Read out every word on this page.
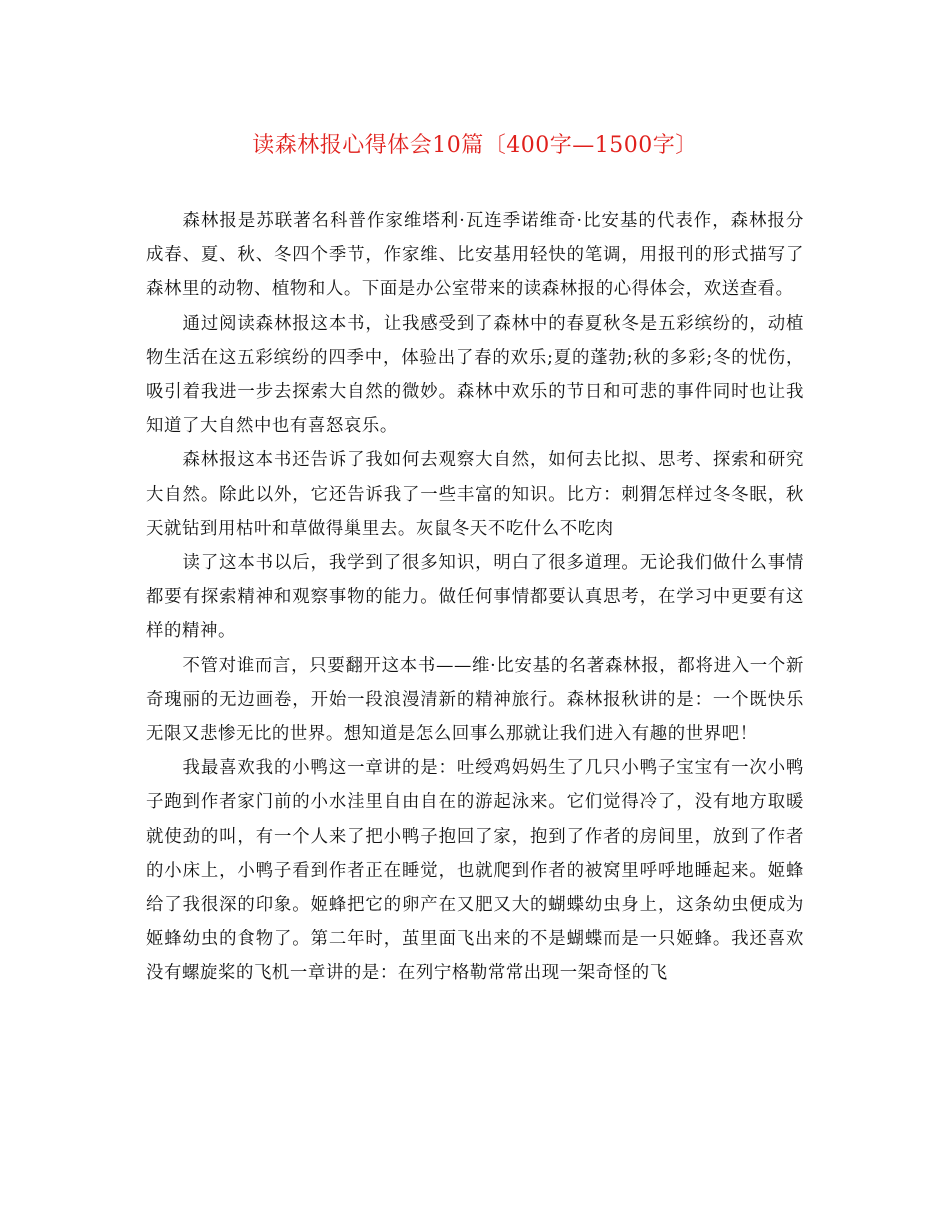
读森林报心得体会10篇〔400字—1500字〕

森林报是苏联著名科普作家维塔利·瓦连季诺维奇·比安基的代表作，森林报分成春、夏、秋、冬四个季节，作家维、比安基用轻快的笔调，用报刊的形式描写了森林里的动物、植物和人。下面是办公室带来的读森林报的心得体会，欢送查看。

通过阅读森林报这本书，让我感受到了森林中的春夏秋冬是五彩缤纷的，动植物生活在这五彩缤纷的四季中，体验出了春的欢乐;夏的蓬勃;秋的多彩;冬的忧伤，吸引着我进一步去探索大自然的微妙。森林中欢乐的节日和可悲的事件同时也让我知道了大自然中也有喜怒哀乐。

森林报这本书还告诉了我如何去观察大自然，如何去比拟、思考、探索和研究大自然。除此以外，它还告诉我了一些丰富的知识。比方：刺猬怎样过冬冬眠，秋天就钻到用枯叶和草做得巢里去。灰鼠冬天不吃什么不吃肉

读了这本书以后，我学到了很多知识，明白了很多道理。无论我们做什么事情都要有探索精神和观察事物的能力。做任何事情都要认真思考，在学习中更要有这样的精神。

不管对谁而言，只要翻开这本书——维·比安基的名著森林报，都将进入一个新奇瑰丽的无边画卷，开始一段浪漫清新的精神旅行。森林报秋讲的是：一个既快乐无限又悲惨无比的世界。想知道是怎么回事么那就让我们进入有趣的世界吧！

我最喜欢我的小鸭这一章讲的是：吐绶鸡妈妈生了几只小鸭子宝宝有一次小鸭子跑到作者家门前的小水洼里自由自在的游起泳来。它们觉得冷了，没有地方取暖就使劲的叫，有一个人来了把小鸭子抱回了家，抱到了作者的房间里，放到了作者的小床上，小鸭子看到作者正在睡觉，也就爬到作者的被窝里呼呼地睡起来。姬蜂给了我很深的印象。姬蜂把它的卵产在又肥又大的蝴蝶幼虫身上，这条幼虫便成为姬蜂幼虫的食物了。第二年时，茧里面飞出来的不是蝴蝶而是一只姬蜂。我还喜欢没有螺旋桨的飞机一章讲的是：在列宁格勒常常出现一架奇怪的飞
